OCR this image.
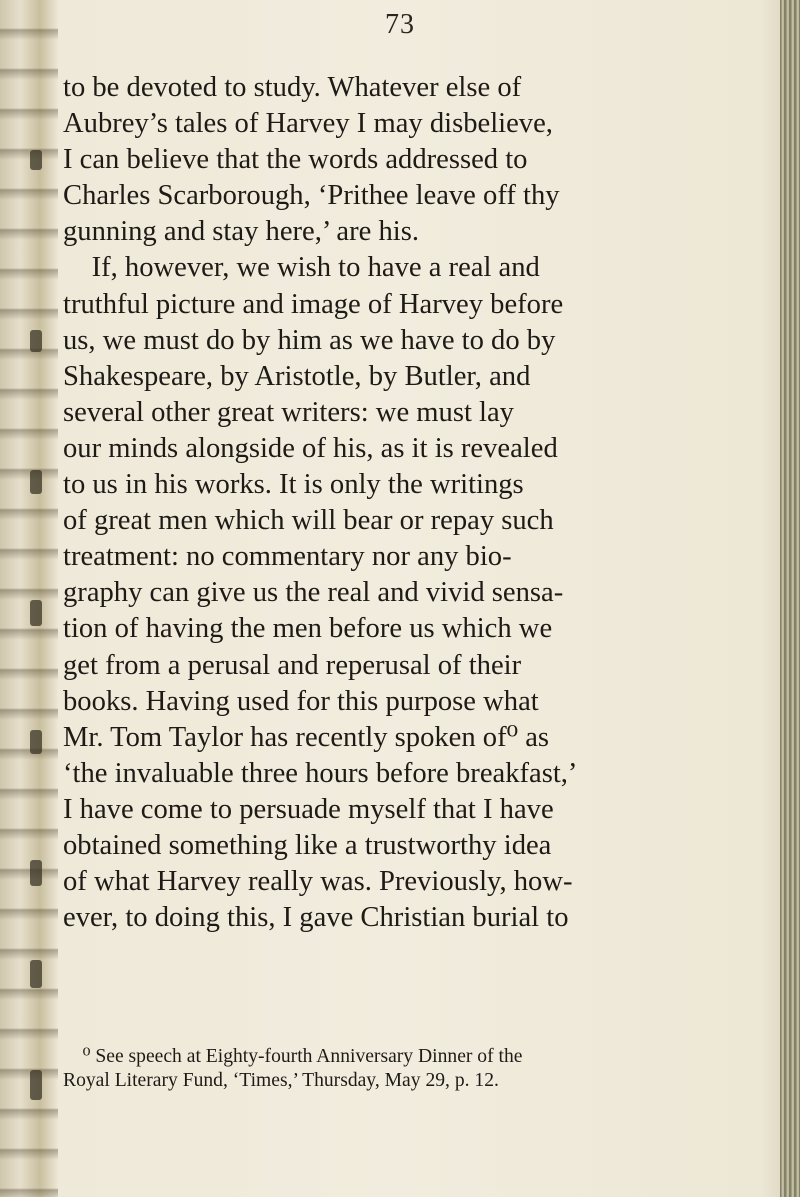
73
to be devoted to study. Whatever else of
Aubrey’s tales of Harvey I may disbelieve,
I can believe that the words addressed to
Charles Scarborough, ‘Prithee leave off thy
gunning and stay here,’ are his.
 If, however, we wish to have a real and
truthful picture and image of Harvey before
us, we must do by him as we have to do by
Shakespeare, by Aristotle, by Butler, and
several other great writers: we must lay
our minds alongside of his, as it is revealed
to us in his works. It is only the writings
of great men which will bear or repay such
treatment: no commentary nor any bio-
graphy can give us the real and vivid sensa-
tion of having the men before us which we
get from a perusal and reperusal of their
books. Having used for this purpose what
Mr. Tom Taylor has recently spoken of⁰ as
‘the invaluable three hours before breakfast,’
I have come to persuade myself that I have
obtained something like a trustworthy idea
of what Harvey really was. Previously, how-
ever, to doing this, I gave Christian burial to
 ⁰ See speech at Eighty-fourth Anniversary Dinner of the
Royal Literary Fund, ‘Times,’ Thursday, May 29, p. 12.
